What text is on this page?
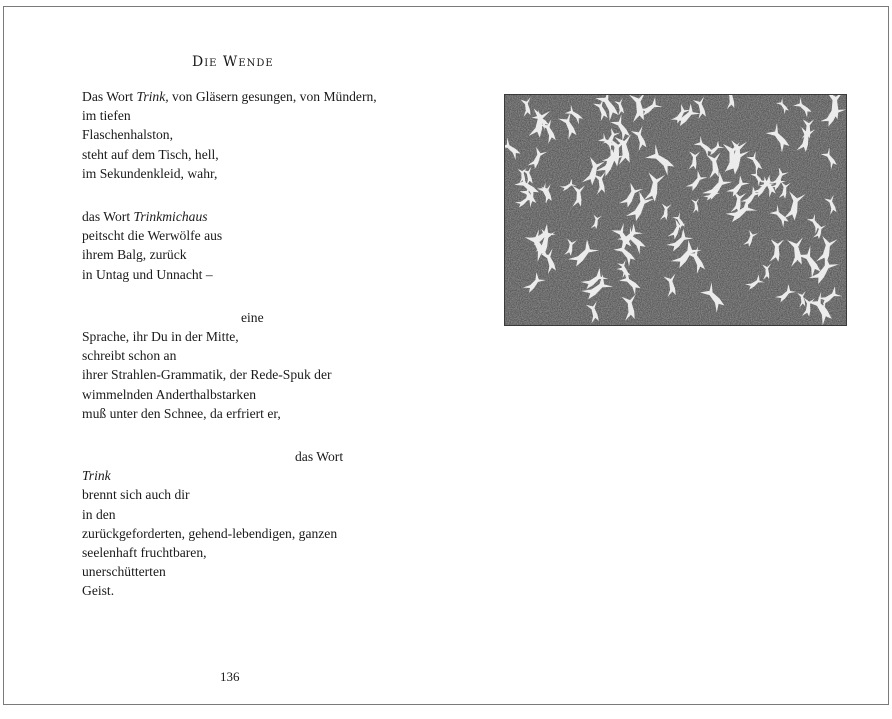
Die Wende
Das Wort Trink, von Gläsern gesungen, von Mündern,
im tiefen
Flaschenhalston,
steht auf dem Tisch, hell,
im Sekundenkleid, wahr,
das Wort Trinkmichaus
peitscht die Werwölfe aus
ihrem Balg, zurück
in Untag und Unnacht –
eine
Sprache, ihr Du in der Mitte,
schreibt schon an
ihrer Strahlen-Grammatik, der Rede-Spuk der
wimmelnden Anderthalbstarken
muß unter den Schnee, da erfriert er,
das Wort
Trink
brennt sich auch dir
in den
zurückgeforderten, gehend-lebendigen, ganzen
seelenhaft fruchtbaren,
unerschütterten
Geist.
136
